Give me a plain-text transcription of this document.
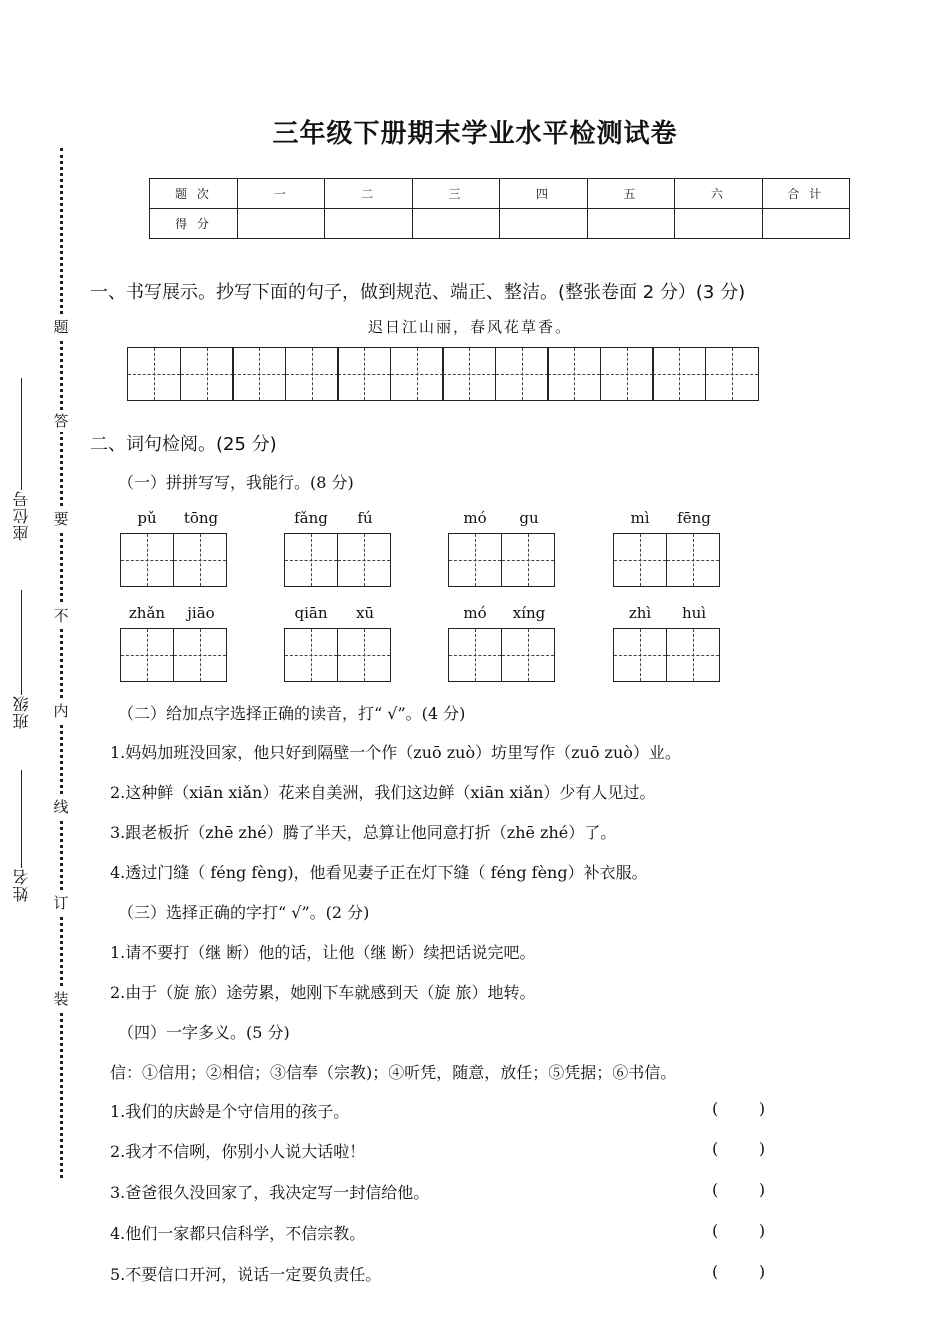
题
答
要
不
内
线
订
装
座位号
班级
姓名
三年级下册期末学业水平检测试卷
题 次	一	二	三	四	五	六	合 计
得 分							
一、书写展示。抄写下面的句子，做到规范、端正、整洁。(整张卷面 2 分）(3 分)
迟日江山丽，春风花草香。
二、词句检阅。(25 分)
（一）拼拼写写，我能行。(8 分)
pǔ	tōng	fǎng	fú	mó	gu	mì	fēng
zhǎn	jiāo	qiān	xū	mó	xíng	zhì	huì
（二）给加点字选择正确的读音，打“ √”。(4 分)
1.妈妈加班没回家，他只好到隔壁一个作（zuō zuò）坊里写作（zuō zuò）业。
2.这种鲜（xiān xiǎn）花来自美洲，我们这边鲜（xiān xiǎn）少有人见过。
3.跟老板折（zhē zhé）腾了半天，总算让他同意打折（zhē zhé）了。
4.透过门缝（ féng fèng)，他看见妻子正在灯下缝（ féng fèng）补衣服。
（三）选择正确的字打“ √”。(2 分)
1.请不要打（继 断）他的话，让他（继 断）续把话说完吧。
2.由于（旋 旅）途劳累，她刚下车就感到天（旋 旅）地转。
（四）一字多义。(5 分)
信：①信用；②相信；③信奉（宗教)；④听凭，随意，放任；⑤凭据；⑥书信。
1.我们的庆龄是个守信用的孩子。	(        )
2.我才不信咧，你别小人说大话啦！	(        )
3.爸爸很久没回家了，我决定写一封信给他。	(        )
4.他们一家都只信科学，不信宗教。	(        )
5.不要信口开河，说话一定要负责任。	(        )
